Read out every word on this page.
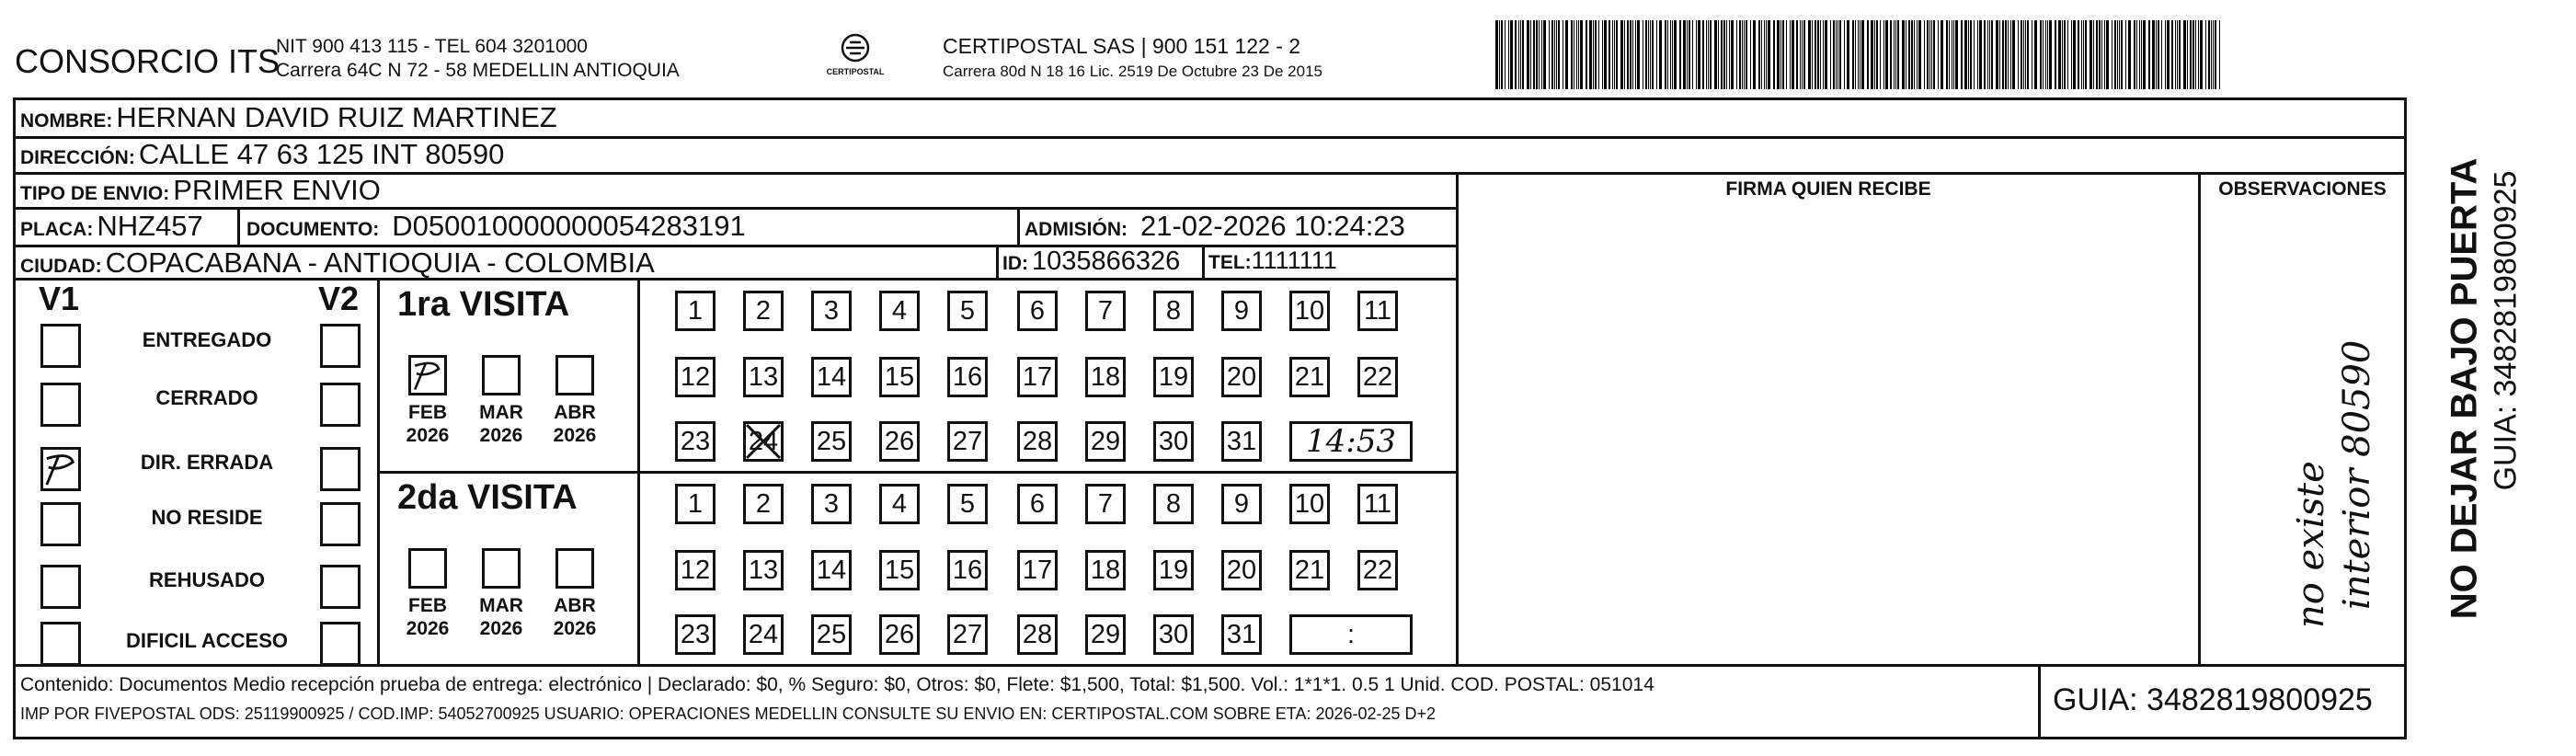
CONSORCIO ITS
NIT 900 413 115 - TEL 604 3201000
Carrera 64C N 72 - 58 MEDELLIN ANTIOQUIA	CERTIPOSTAL
CERTIPOSTAL SAS | 900 151 122 - 2
Carrera 80d N 18 16 Lic. 2519 De Octubre 23 De 2015
NOMBRE: HERNAN DAVID RUIZ MARTINEZ
DIRECCIÓN: CALLE 47 63 125 INT 80590
TIPO DE ENVIO: PRIMER ENVIO	FIRMA QUIEN RECIBE	OBSERVACIONES
PLACA: NHZ457 DOCUMENTO: D050010000000054283191	ADMISIÓN: 21-02-2026 10:24:23
CIUDAD: COPACABANA - ANTIOQUIA - COLOMBIA	ID: 1035866326 TEL: 1111111
V1	V2
ENTREGADO
CERRADO
DIR. ERRADA
NO RESIDE
REHUSADO
DIFICIL ACCESO
1ra VISITA
FEB
2026
MAR
2026
ABR
2026
1 2 3 4 5 6 7 8 9 10 11
12 13 14 15 16 17 18 19 20 21 22
23 24 25 26 27 28 29 30 31 14:53
2da VISITA
FEB
2026
MAR
2026
ABR
2026
1 2 3 4 5 6 7 8 9 10 11
12 13 14 15 16 17 18 19 20 21 22
23 24 25 26 27 28 29 30 31	:
no existe interior 80590 NO DEJAR BAJO PUERTA GUIA: 3482819800925
Contenido: Documentos Medio recepción prueba de entrega: electrónico | Declarado: $0, % Seguro: $0, Otros: $0, Flete: $1,500, Total: $1,500. Vol.: 1*1*1. 0.5 1 Unid. COD. POSTAL: 051014
IMP POR FIVEPOSTAL ODS: 25119900925 / COD.IMP: 54052700925 USUARIO: OPERACIONES MEDELLIN CONSULTE SU ENVIO EN: CERTIPOSTAL.COM SOBRE ETA: 2026-02-25 D+2	GUIA: 3482819800925
